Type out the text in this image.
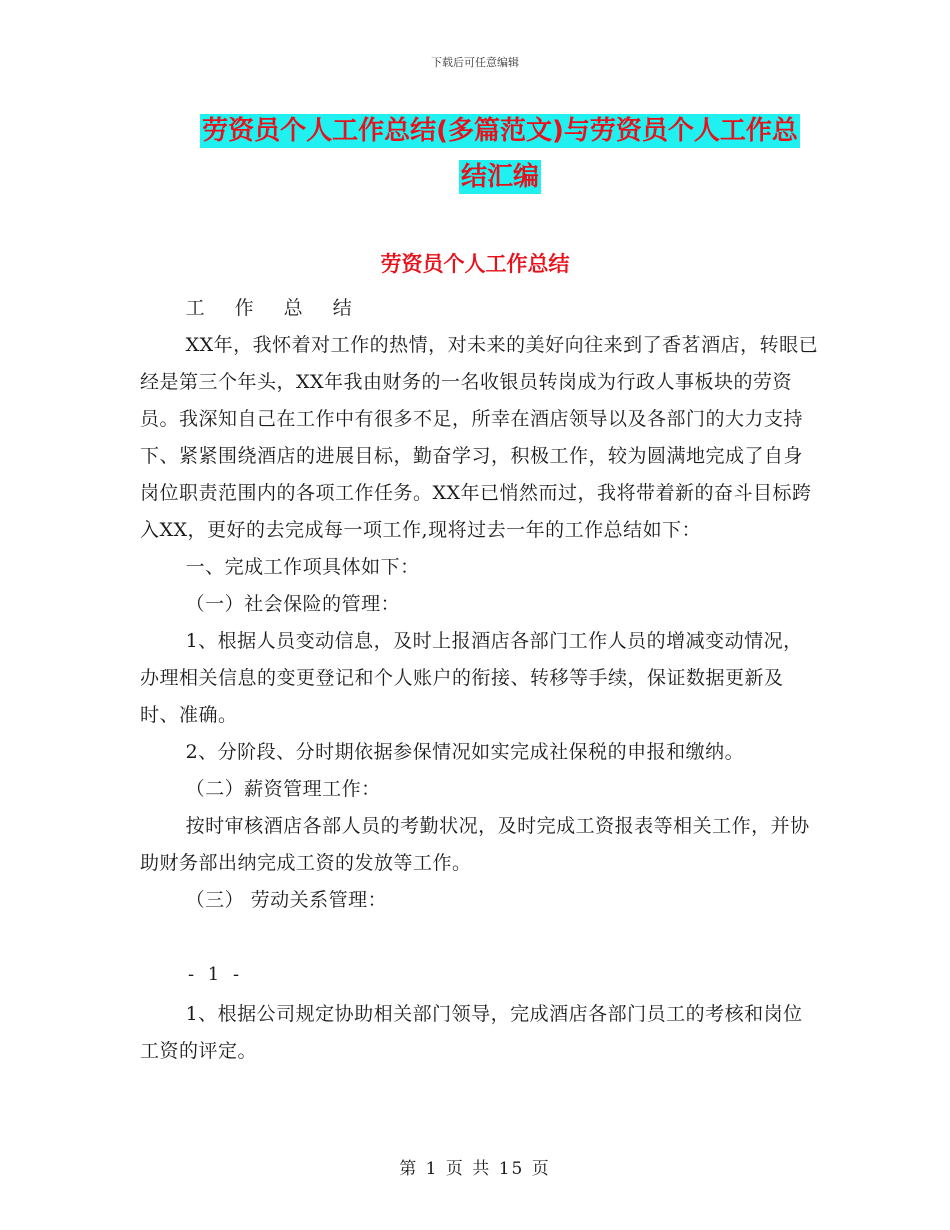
下载后可任意编辑
劳资员个人工作总结(多篇范文)与劳资员个人工作总
结汇编
劳资员个人工作总结

工 作 总 结

XX年，我怀着对工作的热情，对未来的美好向往来到了香茗酒店，转眼已经是第三个年头，XX年我由财务的一名收银员转岗成为行政人事板块的劳资员。我深知自己在工作中有很多不足，所幸在酒店领导以及各部门的大力支持下、紧紧围绕酒店的进展目标，勤奋学习，积极工作，较为圆满地完成了自身岗位职责范围内的各项工作任务。XX年已悄然而过，我将带着新的奋斗目标跨入XX，更好的去完成每一项工作,现将过去一年的工作总结如下：

一、完成工作项具体如下：

（一）社会保险的管理：

1、根据人员变动信息，及时上报酒店各部门工作人员的增减变动情况，办理相关信息的变更登记和个人账户的衔接、转移等手续，保证数据更新及时、准确。

2、分阶段、分时期依据参保情况如实完成社保税的申报和缴纳。

（二）薪资管理工作：

按时审核酒店各部人员的考勤状况，及时完成工资报表等相关工作，并协助财务部出纳完成工资的发放等工作。

（三） 劳动关系管理：

- 1 -

1、根据公司规定协助相关部门领导，完成酒店各部门员工的考核和岗位工资的评定。

第 1 页 共 15 页
